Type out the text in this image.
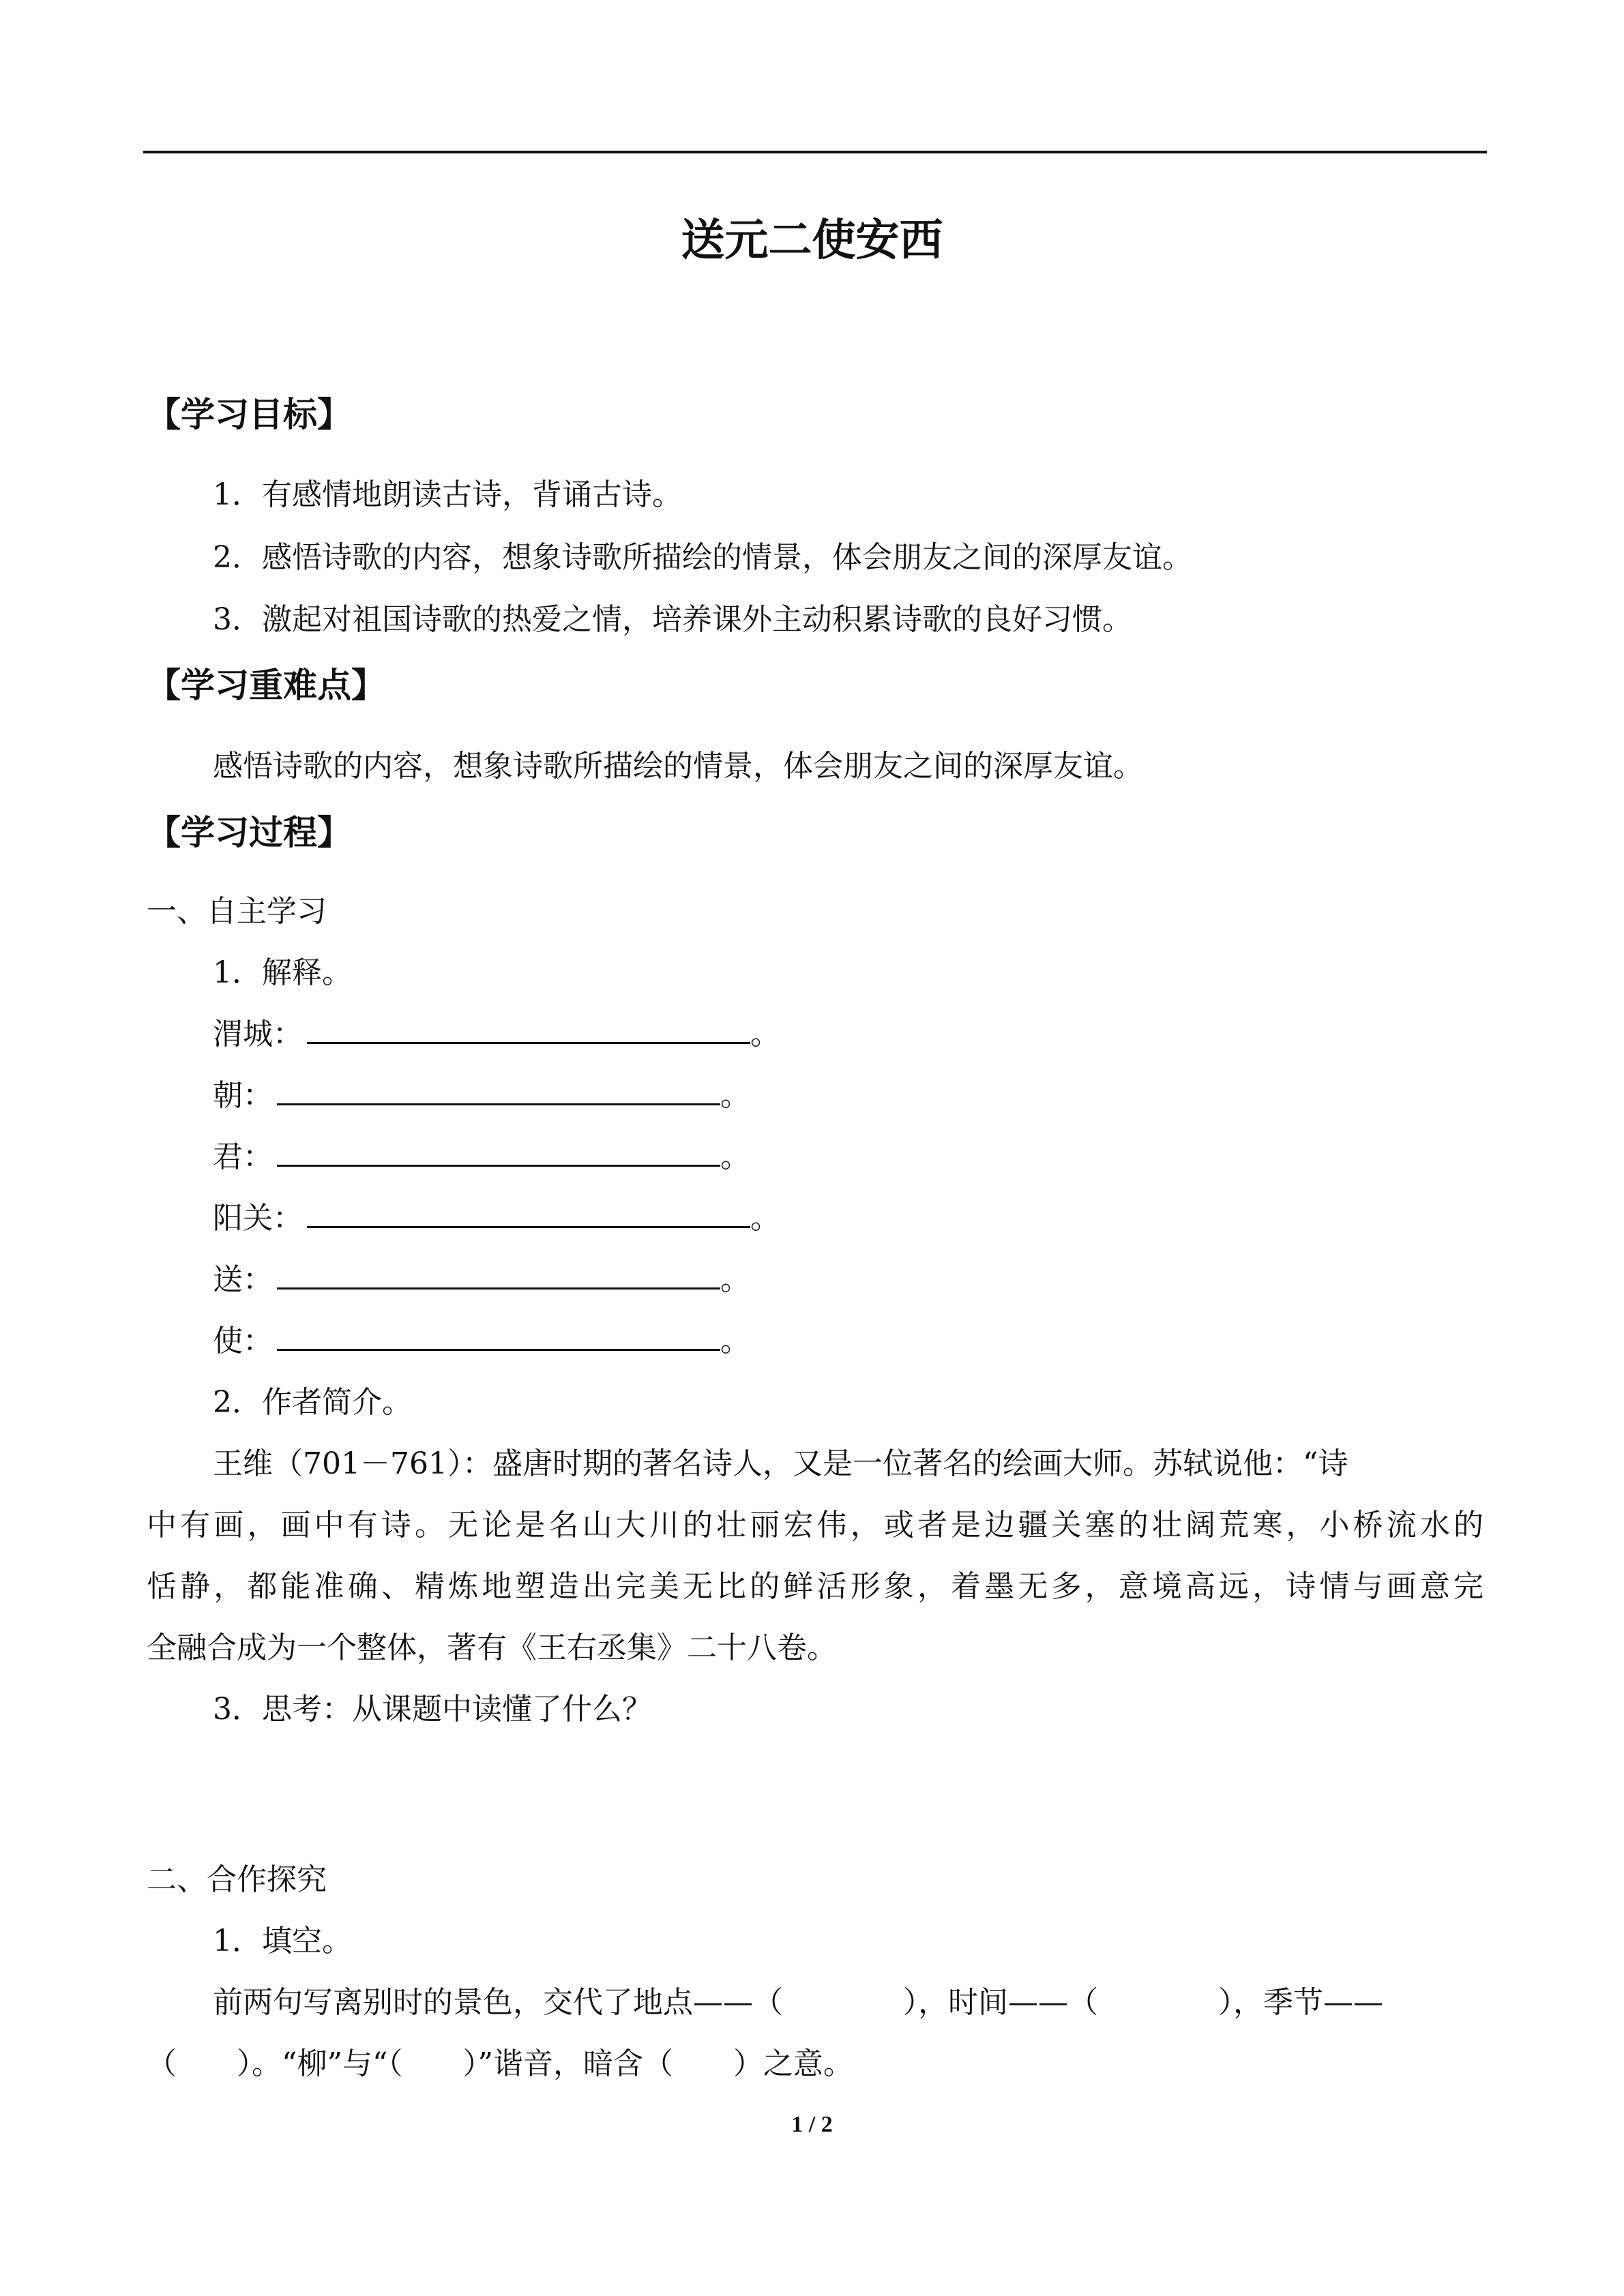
送元二使安西
【学习目标】
1．有感情地朗读古诗，背诵古诗。
2．感悟诗歌的内容，想象诗歌所描绘的情景，体会朋友之间的深厚友谊。
3．激起对祖国诗歌的热爱之情，培养课外主动积累诗歌的良好习惯。
【学习重难点】
感悟诗歌的内容，想象诗歌所描绘的情景，体会朋友之间的深厚友谊。
【学习过程】
一、自主学习
1．解释。
渭城：	。
朝：	。
君：	。
阳关：	。
送：	。
使：	。
2．作者简介。
王维（701－761）：盛唐时期的著名诗人，又是一位著名的绘画大师。苏轼说他：“诗
中有画，画中有诗。无论是名山大川的壮丽宏伟，或者是边疆关塞的壮阔荒寒，小桥流水的
恬静，都能准确、精炼地塑造出完美无比的鲜活形象，着墨无多，意境高远，诗情与画意完
全融合成为一个整体，著有《王右丞集》二十八卷。
3．思考：从课题中读懂了什么？
二、合作探究
1．填空。
前两句写离别时的景色，交代了地点——（　　　　），时间——（　　　　），季节——
（　　）。“柳”与“（　　）”谐音，暗含（　　）之意。
1 / 2
